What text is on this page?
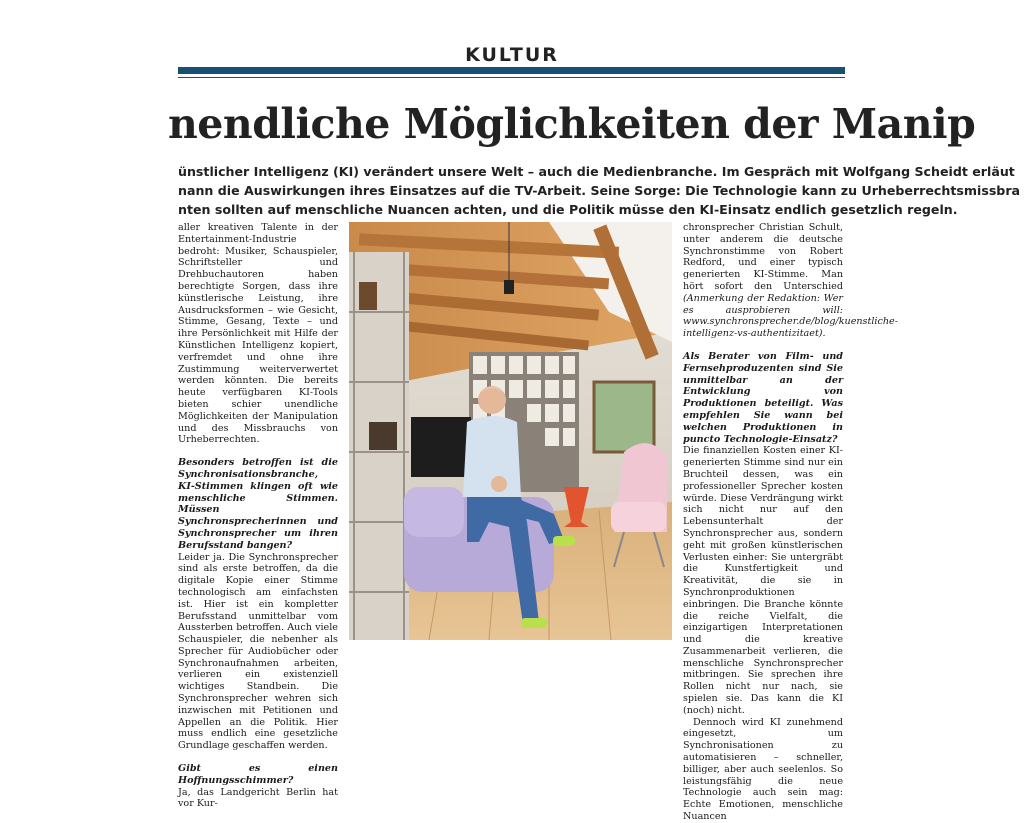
KULTUR
nendliche Möglichkeiten der Manip
ünstlicher Intelligenz (KI) verändert unsere Welt – auch die Medienbranche. Im Gespräch mit Wolfgang Scheidt erläut
nann die Auswirkungen ihres Einsatzes auf die TV-Arbeit. Seine Sorge: Die Technologie kann zu Urheberrechtsmissbra
nten sollten auf menschliche Nuancen achten, und die Politik müsse den KI-Einsatz endlich gesetzlich regeln.

aller kreativen Talente in der Entertainment-Industrie bedroht: Musiker, Schauspieler, Schriftsteller und Drehbuchautoren haben berechtigte Sorgen, dass ihre künstlerische Leistung, ihre Ausdrucksformen – wie Gesicht, Stimme, Gesang, Texte – und ihre Persönlichkeit mit Hilfe der Künstlichen Intelligenz kopiert, verfremdet und ohne ihre Zustimmung weiterverwertet werden könnten. Die bereits heute verfügbaren KI-Tools bieten schier unendliche Möglichkeiten der Manipulation und des Missbrauchs von Urheberrechten.

Besonders betroffen ist die Synchronisationsbranche, KI-Stimmen klingen oft wie menschliche Stimmen. Müssen Synchronsprecherinnen und Synchronsprecher um ihren Berufsstand bangen?

Leider ja. Die Synchronsprecher sind als erste betroffen, da die digitale Kopie einer Stimme technologisch am einfachsten ist. Hier ist ein kompletter Berufsstand unmittelbar vom Aussterben betroffen. Auch viele Schauspieler, die nebenher als Sprecher für Audiobücher oder Synchronaufnahmen arbeiten, verlieren ein existenziell wichtiges Standbein. Die Synchronsprecher wehren sich inzwischen mit Petitionen und Appellen an die Politik. Hier muss endlich eine gesetzliche Grundlage geschaffen werden.

Gibt es einen Hoffnungsschimmer?

Ja, das Landgericht Berlin hat vor Kur-

chronsprecher Christian Schult, unter anderem die deutsche Synchronstimme von Robert Redford, und einer typisch generierten KI-Stimme. Man hört sofort den Unterschied (Anmerkung der Redaktion: Wer es ausprobieren will: www.synchronsprecher.de/blog/kuenstliche-intelligenz-vs-authentizitaet).

Als Berater von Film- und Fernsehproduzenten sind Sie unmittelbar an der Entwicklung von Produktionen beteiligt. Was empfehlen Sie wann bei welchen Produktionen in puncto Technologie-Einsatz?

Die finanziellen Kosten einer KI-generierten Stimme sind nur ein Bruchteil dessen, was ein professioneller Sprecher kosten würde. Diese Verdrängung wirkt sich nicht nur auf den Lebensunterhalt der Synchronsprecher aus, sondern geht mit großen künstlerischen Verlusten einher: Sie untergräbt die Kunstfertigkeit und Kreativität, die sie in Synchronproduktionen einbringen. Die Branche könnte die reiche Vielfalt, die einzigartigen Interpretationen und die kreative Zusammenarbeit verlieren, die menschliche Synchronsprecher mitbringen. Sie sprechen ihre Rollen nicht nur nach, sie spielen sie. Das kann die KI (noch) nicht.

Dennoch wird KI zunehmend eingesetzt, um Synchronisationen zu automatisieren – schneller, billiger, aber auch seelenlos. So leistungsfähig die neue Technologie auch sein mag: Echte Emotionen, menschliche Nuancen
